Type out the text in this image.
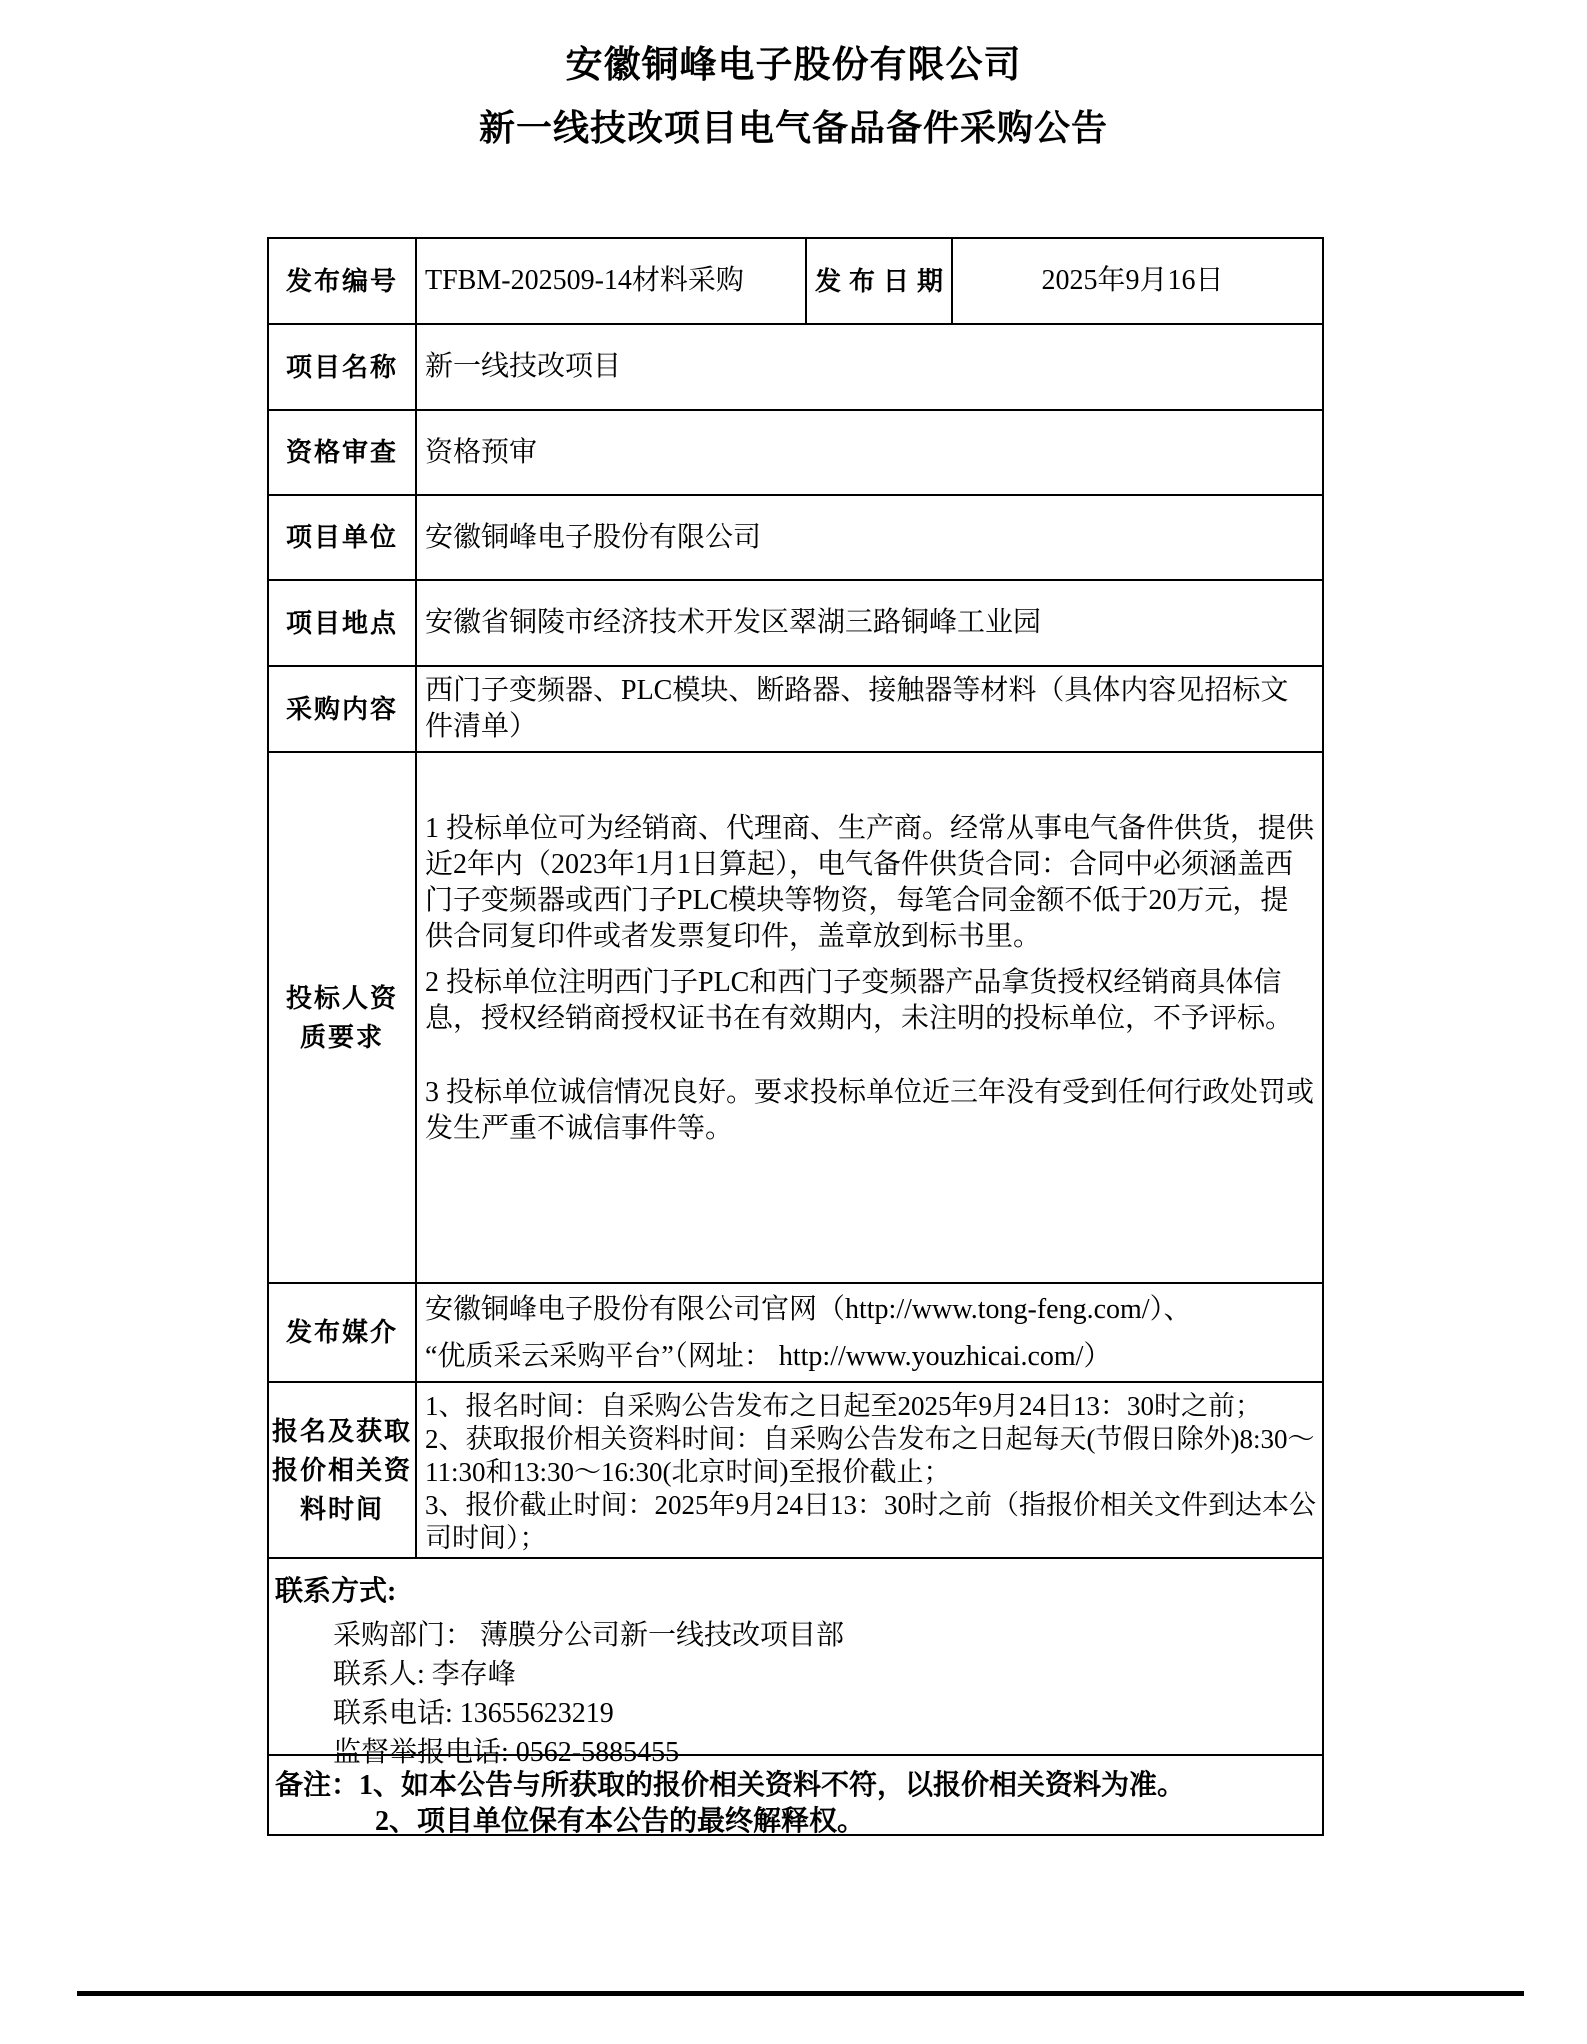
安徽铜峰电子股份有限公司
新一线技改项目电气备品备件采购公告
发布编号 TFBM-202509-14材料采购	发布日期	2025年9月16日
项目名称 新一线技改项目
资格审查 资格预审
项目单位 安徽铜峰电子股份有限公司
项目地点 安徽省铜陵市经济技术开发区翠湖三路铜峰工业园
采购内容
西门子变频器、PLC模块、断路器、接触器等材料（具体内容见招标文件清单）
投标人资
质要求

1 投标单位可为经销商、代理商、生产商。经常从事电气备件供货，提供近2年内（2023年1月1日算起），电气备件供货合同：合同中必须涵盖西门子变频器或西门子PLC模块等物资，每笔合同金额不低于20万元，提供合同复印件或者发票复印件，盖章放到标书里。

2 投标单位注明西门子PLC和西门子变频器产品拿货授权经销商具体信息，授权经销商授权证书在有效期内，未注明的投标单位，不予评标。

3 投标单位诚信情况良好。要求投标单位近三年没有受到任何行政处罚或发生严重不诚信事件等。

发布媒介
安徽铜峰电子股份有限公司官网（http://www.tong-feng.com/）、
“优质采云采购平台”（网址： http://www.youzhicai.com/）
报名及获取
报价相关资
料时间

1、报名时间：自采购公告发布之日起至2025年9月24日13：30时之前；

2、获取报价相关资料时间：自采购公告发布之日起每天(节假日除外)8:30～11:30和13:30～16:30(北京时间)至报价截止；

3、报价截止时间：2025年9月24日13：30时之前（指报价相关文件到达本公司时间）；

联系方式:

采购部门： 薄膜分公司新一线技改项目部

联系人: 李存峰

联系电话: 13655623219

监督举报电话: 0562-5885455

备注：1、如本公告与所获取的报价相关资料不符，以报价相关资料为准。

2、项目单位保有本公告的最终解释权。
